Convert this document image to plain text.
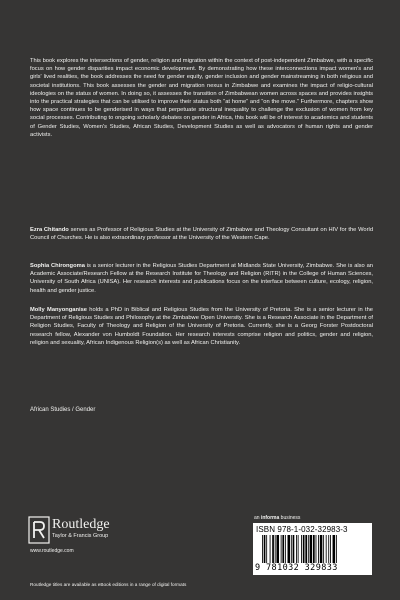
This book explores the intersections of gender, religion and migration within the context of post-independent Zimbabwe, with a specific focus on how gender disparities impact economic development. By demonstrating how these interconnections impact women's and girls' lived realities, the book addresses the need for gender equity, gender inclusion and gender mainstreaming in both religious and societal institutions. This book assesses the gender and migration nexus in Zimbabwe and examines the impact of religio-cultural ideologies on the status of women. In doing so, it assesses the transition of Zimbabwean women across spaces and provides insights into the practical strategies that can be utilised to improve their status both “at home” and “on the move.” Furthermore, chapters show how space continues to be genderised in ways that perpetuate structural inequality to challenge the exclusion of women from key social processes. Contributing to ongoing scholarly debates on gender in Africa, this book will be of interest to academics and students of Gender Studies, Women's Studies, African Studies, Development Studies as well as advocators of human rights and gender activists.

Ezra Chitando serves as Professor of Religious Studies at the University of Zimbabwe and Theology Consultant on HIV for the World Council of Churches. He is also extraordinary professor at the University of the Western Cape.

Sophia Chirongoma is a senior lecturer in the Religious Studies Department at Midlands State University, Zimbabwe. She is also an Academic Associate/Research Fellow at the Research Institute for Theology and Religion (RITR) in the College of Human Sciences, University of South Africa (UNISA). Her research interests and publications focus on the interface between culture, ecology, religion, health and gender justice.

Molly Manyonganise holds a PhD in Biblical and Religious Studies from the University of Pretoria. She is a senior lecturer in the Department of Religious Studies and Philosophy at the Zimbabwe Open University. She is a Research Associate in the Department of Religion Studies, Faculty of Theology and Religion of the University of Pretoria. Currently, she is a Georg Forster Postdoctoral research fellow, Alexander von Humboldt Foundation. Her research interests comprise religion and politics, gender and religion, religion and sexuality, African Indigenous Religion(s) as well as African Christianity.

African Studies / Gender

Routledge
Taylor & Francis Group
www.routledge.com
an informa business
ISBN 978-1-032-32983-3
9 781032 329833
Routledge titles are available as eBook editions in a range of digital formats
